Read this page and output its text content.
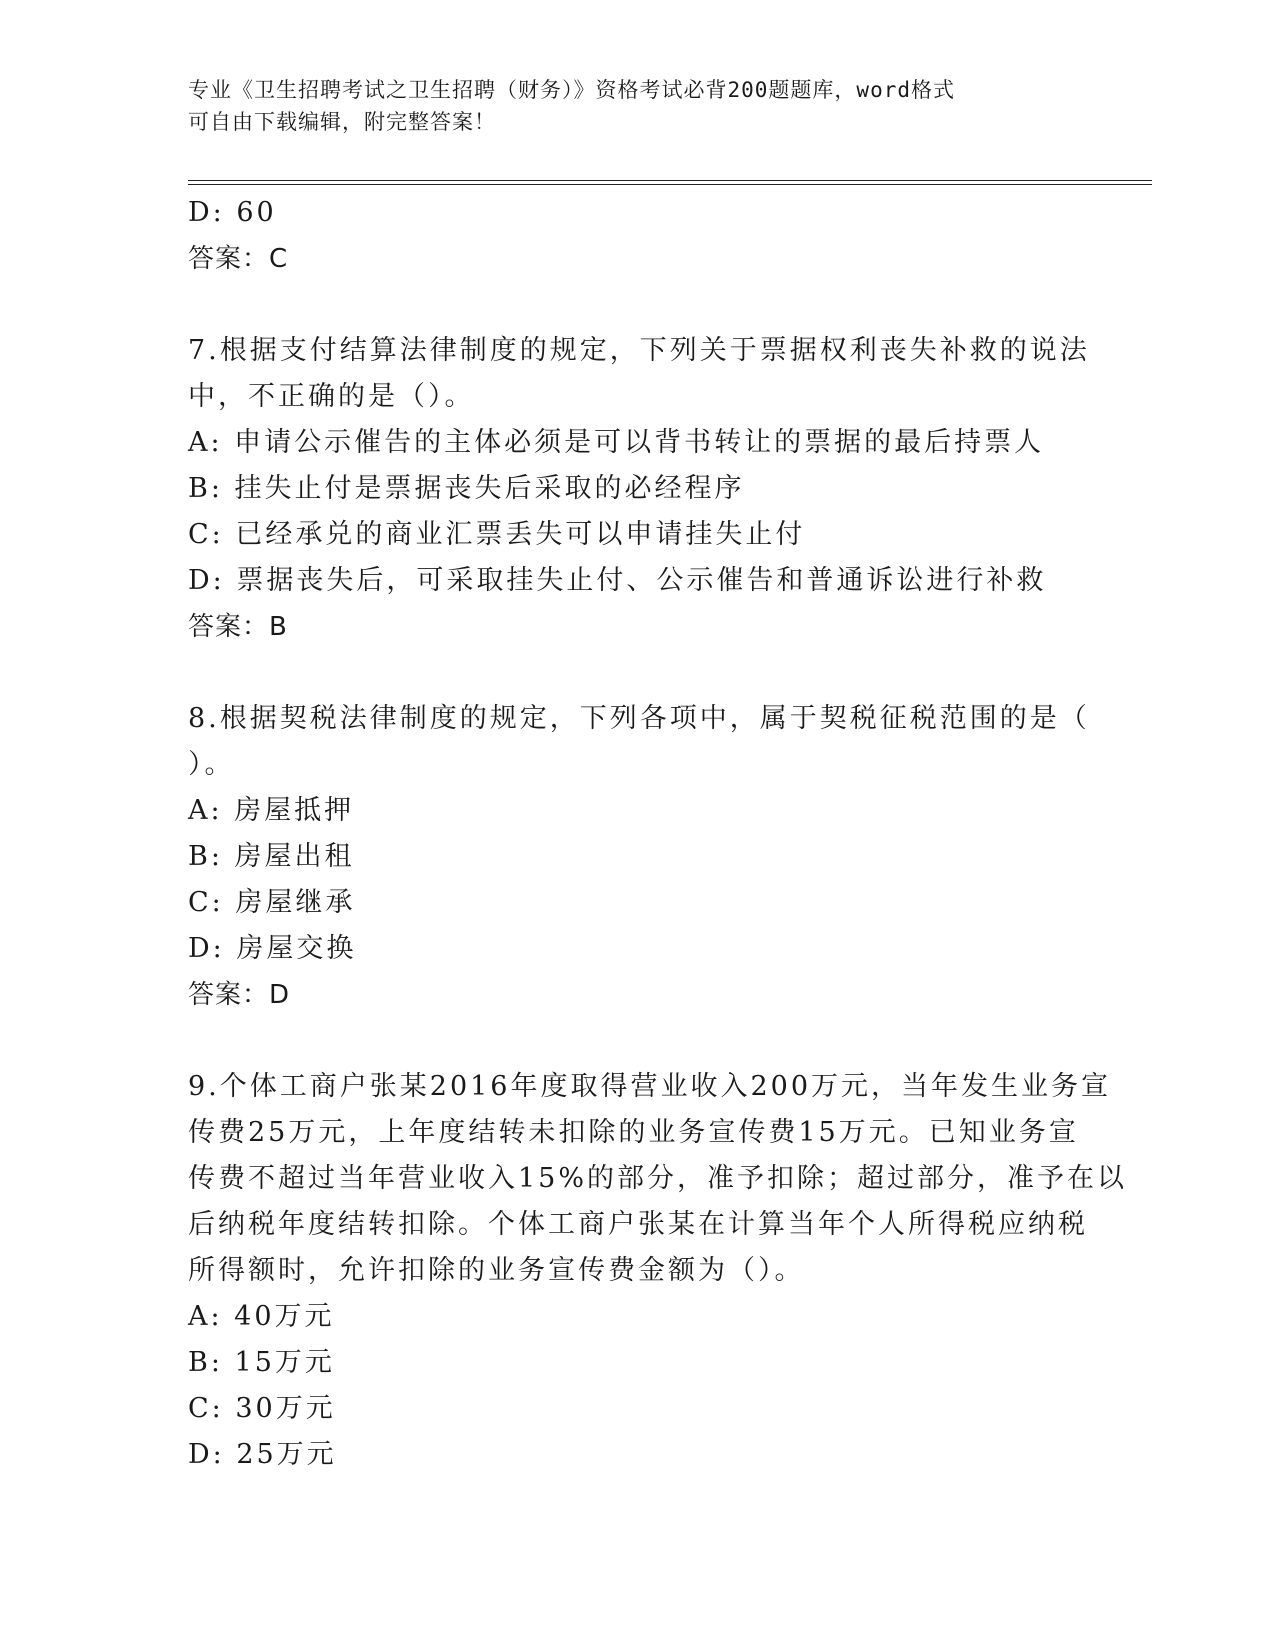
专业《卫生招聘考试之卫生招聘（财务）》资格考试必背200题题库，word格式
可自由下载编辑，附完整答案！
D: 60
答案：C
7.根据支付结算法律制度的规定，下列关于票据权利丧失补救的说法
中，不正确的是（）。
A: 申请公示催告的主体必须是可以背书转让的票据的最后持票人
B: 挂失止付是票据丧失后采取的必经程序
C: 已经承兑的商业汇票丢失可以申请挂失止付
D: 票据丧失后，可采取挂失止付、公示催告和普通诉讼进行补救
答案：B
8.根据契税法律制度的规定，下列各项中，属于契税征税范围的是（
）。
A: 房屋抵押
B: 房屋出租
C: 房屋继承
D: 房屋交换
答案：D
9.个体工商户张某2016年度取得营业收入200万元，当年发生业务宣
传费25万元，上年度结转未扣除的业务宣传费15万元。已知业务宣
传费不超过当年营业收入15%的部分，准予扣除；超过部分，准予在以
后纳税年度结转扣除。个体工商户张某在计算当年个人所得税应纳税
所得额时，允许扣除的业务宣传费金额为（）。
A: 40万元
B: 15万元
C: 30万元
D: 25万元
